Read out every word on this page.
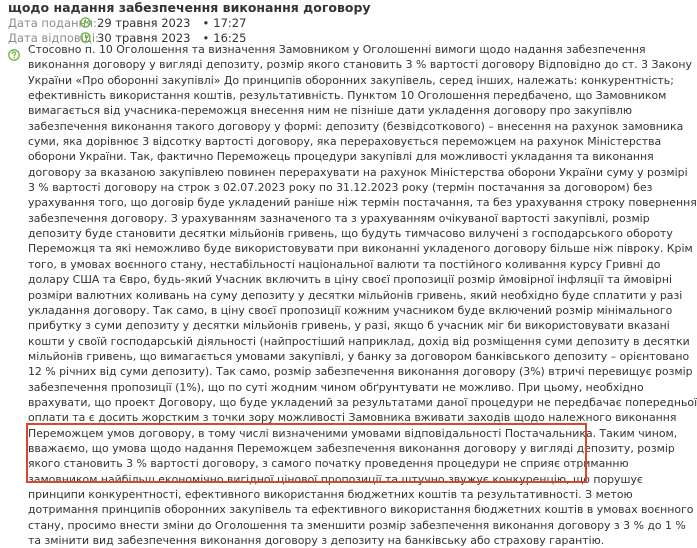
щодо надання забезпечення виконання договору
Дата подання: 29 травня 2023 • 17:27
Дата відповіді:
30 травня 2023 • 16:25
Стосовно п. 10 Оголошення та визначення Замовником у Оголошенні вимоги щодо надання забезпечення
виконання договору у вигляді депозиту, розмір якого становить 3 % вартості договору Відповідно до ст. 3 Закону
України «Про оборонні закупівлі» До принципів оборонних закупівель, серед інших, належать: конкурентність;
ефективність використання коштів, результативність. Пунктом 10 Оголошення передбачено, що Замовником
вимагається від учасника-переможця внесення ним не пізніше дати укладення договору про закупівлю
забезпечення виконання такого договору у формі: депозиту (безвідсоткового) – внесення на рахунок замовника
суми, яка дорівнює 3 відсотку вартості договору, яка перераховується переможцем на рахунок Міністерства
оборони України. Так, фактично Переможець процедури закупівлі для можливості укладання та виконання
договору за вказаною закупівлею повинен перерахувати на рахунок Міністерства оборони України суму у розмірі
3 % вартості договору на строк з 02.07.2023 року по 31.12.2023 року (термін постачання за договором) без
урахування того, що договір буде укладений раніше ніж термін постачання, та без урахування строку повернення
забезпечення договору. З урахуванням зазначеного та з урахуванням очікуваної вартості закупівлі, розмір
депозиту буде становити десятки мільйонів гривень, що будуть тимчасово вилучені з господарського обороту
Переможця та які неможливо буде використовувати при виконанні укладеного договору більше ніж півроку. Крім
того, в умовах воєнного стану, нестабільності національної валюти та постійного коливання курсу Гривні до
долару США та Євро, будь-який Учасник включить в ціну своєї пропозиції розмір ймовірної інфляції та ймовірні
розміри валютних коливань на суму депозиту у десятки мільйонів гривень, який необхідно буде сплатити у разі
укладання договору. Так само, в ціну своєї пропозиції кожним учасником буде включений розмір мінімального
прибутку з суми депозиту у десятки мільйонів гривень, у разі, якщо б учасник міг би використовувати вказані
кошти у своїй господарській діяльності (найпростіший наприклад, дохід від розміщення суми депозиту в десятки
мільйонів гривень, що вимагається умовами закупівлі, у банку за договором банківського депозиту – орієнтовано
12 % річних від суми депозиту). Так само, розмір забезпечення виконання договору (3%) втричі перевищує розмір
забезпечення пропозиції (1%), що по суті жодним чином обґрунтувати не можливо. При цьому, необхідно
врахувати, що проект Договору, що буде укладений за результатами даної процедури не передбачає попередньої
оплати та є досить жорстким з точки зору можливості Замовника вживати заходів щодо належного виконання
Переможцем умов договору, в тому числі визначеними умовами відповідальності Постачальника. Таким чином,
вважаємо, що умова щодо надання Переможцем забезпечення виконання договору у вигляді депозиту, розмір
якого становить 3 % вартості договору, з самого початку проведення процедури не сприяє отриманню
замовником найбільш економічно вигідної цінової пропозиції та штучно звужує конкуренцію, що порушує
принципи конкурентності, ефективного використання бюджетних коштів та результативності. З метою
дотримання принципів оборонних закупівель та ефективного використання бюджетних коштів в умовах воєнного
стану, просимо внести зміни до Оголошення та зменшити розмір забезпечення виконання договору з 3 % до 1 %
та змінити вид забезпечення виконання договору з депозиту на банківську або страхову гарантію.
